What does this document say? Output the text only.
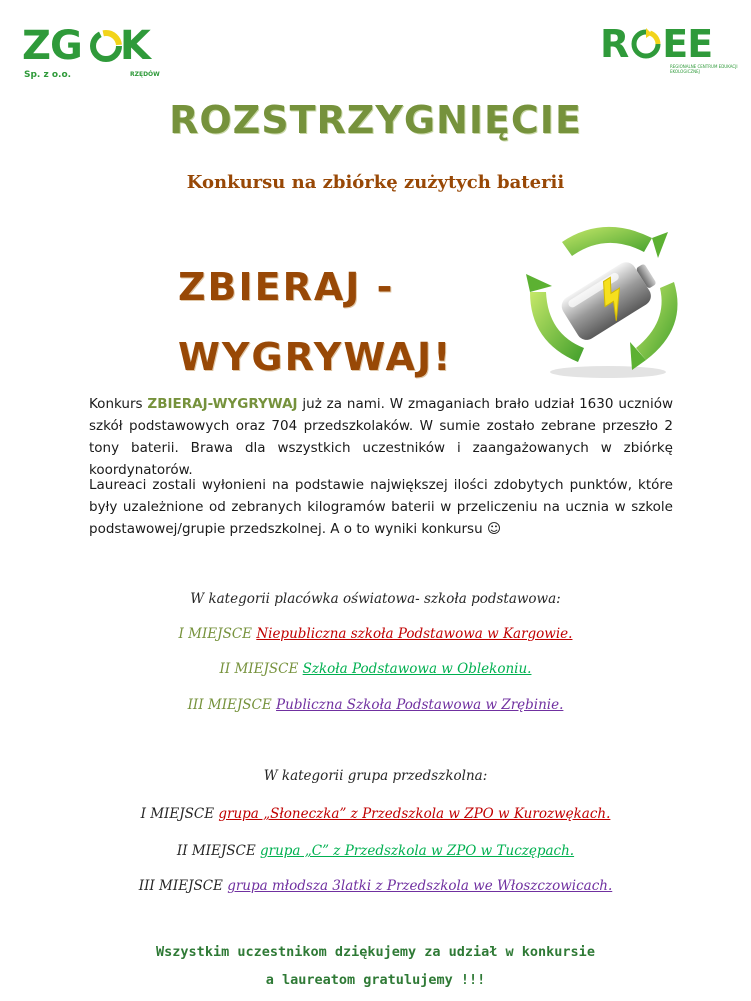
ZG K
Sp. z o.o.	RZĘDÓW
R EE
REGIONALNE CENTRUM EDUKACJI EKOLOGICZNEJ
ROZSTRZYGNIĘCIE
Konkursu na zbiórkę zużytych baterii
ZBIERAJ -
WYGRYWAJ!
Konkurs ZBIERAJ-WYGRYWAJ już za nami. W zmaganiach brało udział 1630 uczniów szkół podstawowych oraz 704 przedszkolaków. W sumie zostało zebrane przeszło 2 tony baterii. Brawa dla wszystkich uczestników i zaangażowanych w zbiórkę koordynatorów.
Laureaci zostali wyłonieni na podstawie największej ilości zdobytych punktów, które były uzależnione od zebranych kilogramów baterii w przeliczeniu na ucznia w szkole podstawowej/grupie przedszkolnej. A o to wyniki konkursu ☺
W kategorii placówka oświatowa- szkoła podstawowa:
I MIEJSCE Niepubliczna szkoła Podstawowa w Kargowie.
II MIEJSCE Szkoła Podstawowa w Oblekoniu.
III MIEJSCE Publiczna Szkoła Podstawowa w Zrębinie.
W kategorii grupa przedszkolna:
I MIEJSCE grupa „Słoneczka” z Przedszkola w ZPO w Kurozwękach.
II MIEJSCE grupa „C” z Przedszkola w ZPO w Tuczępach.
III MIEJSCE grupa młodsza 3latki z Przedszkola we Włoszczowicach.
Wszystkim uczestnikom dziękujemy za udział w konkursie
a laureatom gratulujemy !!!
